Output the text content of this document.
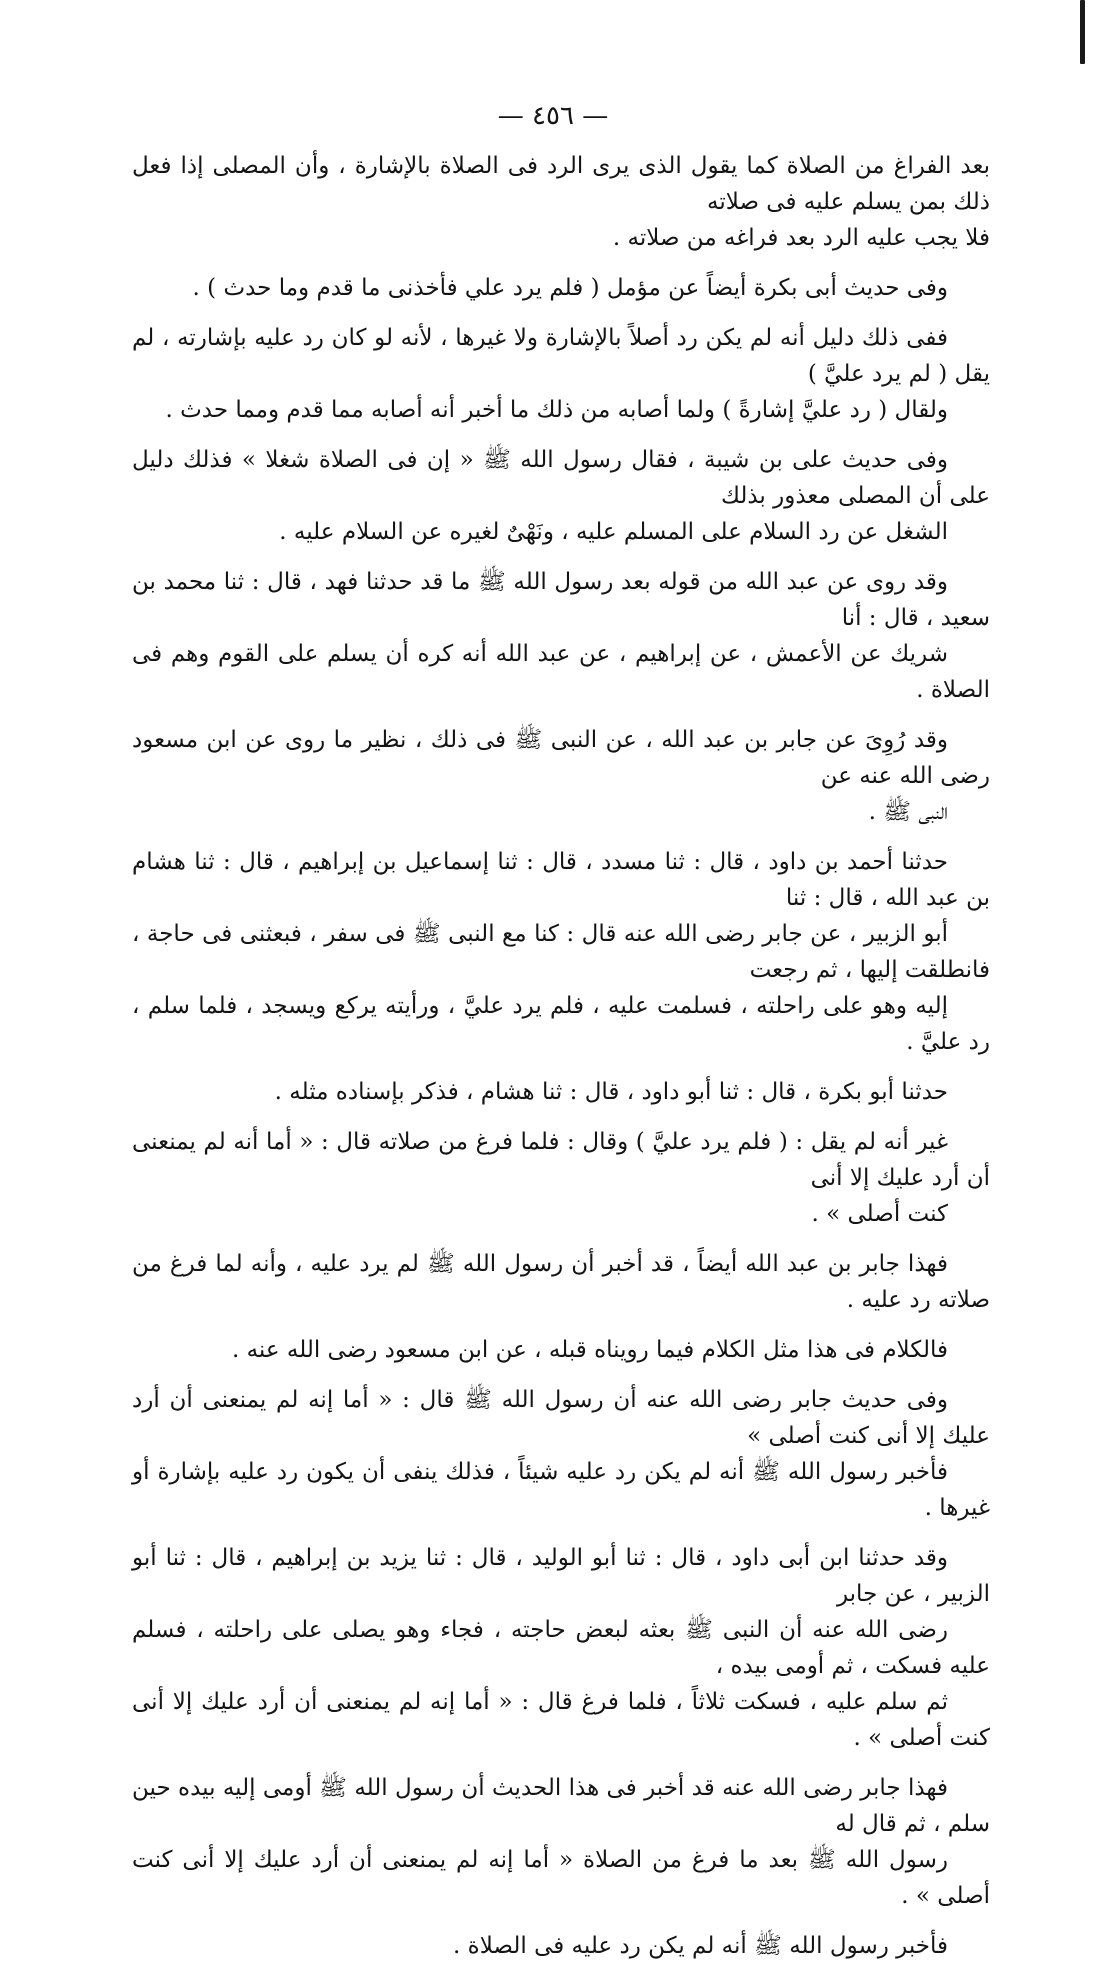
— ٤٥٦ —

بعد الفراغ من الصلاة كما يقول الذى يرى الرد فى الصلاة بالإشارة ، وأن المصلى إذا فعل ذلك بمن يسلم عليه فى صلاته
فلا يجب عليه الرد بعد فراغه من صلاته .

وفى حديث أبى بكرة أيضاً عن مؤمل ( فلم يرد علي فأخذنى ما قدم وما حدث ) .

ففى ذلك دليل أنه لم يكن رد أصلاً بالإشارة ولا غيرها ، لأنه لو كان رد عليه بإشارته ، لم يقل ( لم يرد عليَّ )
ولقال ( رد عليَّ إشارةً ) ولما أصابه من ذلك ما أخبر أنه أصابه مما قدم ومما حدث .

وفى حديث على بن شيبة ، فقال رسول الله ﷺ « إن فى الصلاة شغلا » فذلك دليل على أن المصلى معذور بذلك
الشغل عن رد السلام على المسلم عليه ، ونَهْىٌ لغيره عن السلام عليه .

وقد روى عن عبد الله من قوله بعد رسول الله ﷺ ما قد حدثنا فهد ، قال : ثنا محمد بن سعيد ، قال : أنا
شريك عن الأعمش ، عن إبراهيم ، عن عبد الله أنه كره أن يسلم على القوم وهم فى الصلاة .

وقد رُوِىَ عن جابر بن عبد الله ، عن النبى ﷺ فى ذلك ، نظير ما روى عن ابن مسعود رضى الله عنه عن
النبى ﷺ .

حدثنا أحمد بن داود ، قال : ثنا مسدد ، قال : ثنا إسماعيل بن إبراهيم ، قال : ثنا هشام بن عبد الله ، قال : ثنا
أبو الزبير ، عن جابر رضى الله عنه قال : كنا مع النبى ﷺ فى سفر ، فبعثنى فى حاجة ، فانطلقت إليها ، ثم رجعت
إليه وهو على راحلته ، فسلمت عليه ، فلم يرد عليَّ ، ورأيته يركع ويسجد ، فلما سلم ، رد عليَّ .

حدثنا أبو بكرة ، قال : ثنا أبو داود ، قال : ثنا هشام ، فذكر بإسناده مثله .

غير أنه لم يقل : ( فلم يرد عليَّ ) وقال : فلما فرغ من صلاته قال : « أما أنه لم يمنعنى أن أرد عليك إلا أنى
كنت أصلى » .

فهذا جابر بن عبد الله أيضاً ، قد أخبر أن رسول الله ﷺ لم يرد عليه ، وأنه لما فرغ من صلاته رد عليه .

فالكلام فى هذا مثل الكلام فيما رويناه قبله ، عن ابن مسعود رضى الله عنه .

وفى حديث جابر رضى الله عنه أن رسول الله ﷺ قال : « أما إنه لم يمنعنى أن أرد عليك إلا أنى كنت أصلى »
فأخبر رسول الله ﷺ أنه لم يكن رد عليه شيئاً ، فذلك ينفى أن يكون رد عليه بإشارة أو غيرها .

وقد حدثنا ابن أبى داود ، قال : ثنا أبو الوليد ، قال : ثنا يزيد بن إبراهيم ، قال : ثنا أبو الزبير ، عن جابر
رضى الله عنه أن النبى ﷺ بعثه لبعض حاجته ، فجاء وهو يصلى على راحلته ، فسلم عليه فسكت ، ثم أومى بيده ،
ثم سلم عليه ، فسكت ثلاثاً ، فلما فرغ قال : « أما إنه لم يمنعنى أن أرد عليك إلا أنى كنت أصلى » .

فهذا جابر رضى الله عنه قد أخبر فى هذا الحديث أن رسول الله ﷺ أومى إليه بيده حين سلم ، ثم قال له
رسول الله ﷺ بعد ما فرغ من الصلاة « أما إنه لم يمنعنى أن أرد عليك إلا أنى كنت أصلى » .

فأخبر رسول الله ﷺ أنه لم يكن رد عليه فى الصلاة .
